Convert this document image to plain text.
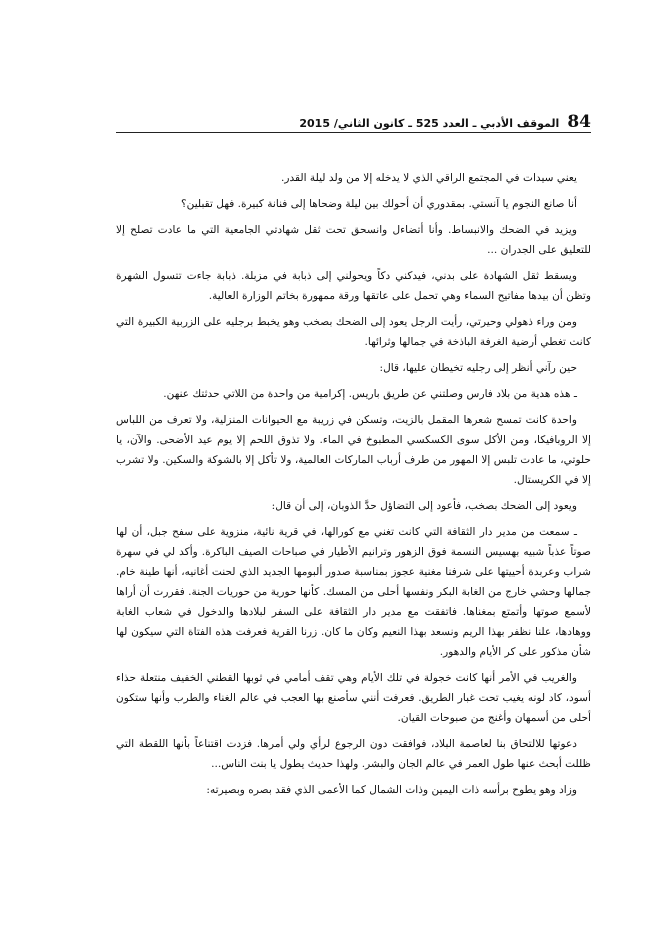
84
الموقف الأدبي ـ العدد 525 ـ كانون الثاني/ 2015

يعني سيدات في المجتمع الراقي الذي لا يدخله إلا من ولد ليلة القدر.

أنا صانع النجوم يا آنستي. بمقدوري أن أحولك بين ليلة وضحاها إلى فنانة كبيرة. فهل تقبلين؟

ويزيد في الضحك والانبساط. وأنا أتضاءل وانسحق تحت ثقل شهادتي الجامعية التي ما عادت تصلح إلا للتعليق على الجدران ...

ويسقط ثقل الشهادة على بدني، فيدكني دكاً ويحولني إلى ذبابة في مزبلة. ذبابة جاءت تتسول الشهرة وتظن أن بيدها مفاتيح السماء وهي تحمل على عاتقها ورقة ممهورة بخاتم الوزارة العالية.

ومن وراء ذهولي وحيرتي، رأيت الرجل يعود إلى الضحك بصخب وهو يخبط برجليه على الزربية الكبيرة التي كانت تغطي أرضية الغرفة الباذخة في جمالها وثرائها.

حين رآني أنظر إلى رجليه تخيطان عليها، قال:

ـ هذه هدية من بلاد فارس وصلتني عن طريق باريس. إكرامية من واحدة من اللاتي حدثتك عنهن.

واحدة كانت تمسح شعرها المقمل بالزيت، وتسكن في زريبة مع الحيوانات المنزلية، ولا تعرف من اللباس إلا الروبافيكا، ومن الأكل سوى الكسكسي المطبوخ في الماء. ولا تذوق اللحم إلا يوم عيد الأضحى. والآن، يا حلوتي، ما عادت تلبس إلا المهور من طرف أرباب الماركات العالمية، ولا تأكل إلا بالشوكة والسكين. ولا تشرب إلا في الكريستال.

ويعود إلى الضحك بصخب، فأعود إلى التضاؤل حدَّ الذوبان، إلى أن قال:

ـ سمعت من مدير دار الثقافة التي كانت تغني مع كورالها، في قرية نائية، منزوية على سفح جبل، أن لها صوتاً عذباً شبيه بهسيس النسمة فوق الزهور وترانيم الأطيار في صباحات الصيف الباكرة. وأكد لي في سهرة شراب وعربدة أحييتها على شرفنا مغنية عجوز بمناسبة صدور ألبومها الجديد الذي لحنت أغانيه، أنها طينة خام. جمالها وحشي خارج من الغابة البكر ونفسها أحلى من المسك. كأنها حورية من حوريات الجنة. فقررت أن أراها لأسمع صوتها وأتمتع بمغناها. فاتفقت مع مدير دار الثقافة على السفر لبلادها والدخول في شعاب الغابة ووهادها، علنا نظفر بهذا الريم ونسعد بهذا النعيم وكان ما كان. زرنا القرية فعرفت هذه الفتاة التي سيكون لها شأن مذكور على كر الأيام والدهور.

والغريب في الأمر أنها كانت خجولة في تلك الأيام وهي تقف أمامي في ثوبها القطني الخفيف منتعلة حذاء أسود، كاد لونه يغيب تحت غبار الطريق. فعرفت أنني سأصنع بها العجب في عالم الغناء والطرب وأنها ستكون أحلى من أسمهان وأغنج من صبوحات القيان.

دعوتها للالتحاق بنا لعاصمة البلاد، فوافقت دون الرجوع لرأي ولي أمرها. فزدت اقتناعاً بأنها اللقطة التي ظللت أبحث عنها طول العمر في عالم الجان والبشر. ولهذا حديث يطول يا بنت الناس...

وزاد وهو يطوح برأسه ذات اليمين وذات الشمال كما الأعمى الذي فقد بصره وبصيرته:
